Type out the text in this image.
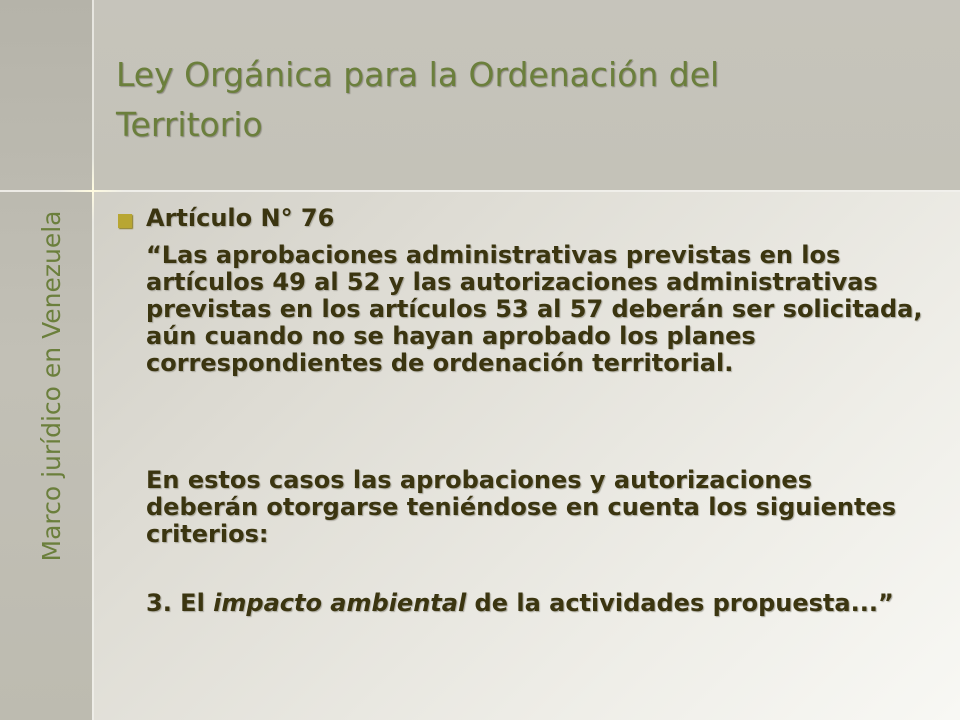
Ley Orgánica para la Ordenación del
Territorio
Marco jurídico en Venezuela	Artículo N° 76

“Las aprobaciones administrativas previstas en los artículos 49 al 52 y las autorizaciones administrativas previstas en los artículos 53 al 57 deberán ser solicitada, aún cuando no se hayan aprobado los planes correspondientes de ordenación territorial.

En estos casos las aprobaciones y autorizaciones deberán otorgarse teniéndose en cuenta los siguientes criterios:

3. El impacto ambiental de la actividades propuesta...”
